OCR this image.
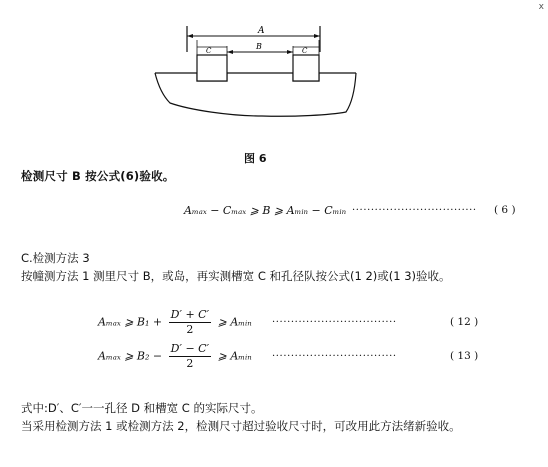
x
A
B
C	C
图 6
检测尺寸 B 按公式(6)验收。
Aₘₐₓ − Cₘₐₓ ⩾ B ⩾ Aₘᵢₙ − Cₘᵢₙ ································· ( 6 )
C.检测方法 3
按幢测方法 1 测里尺寸 B，或岛，再实测槽宽 C 和孔径队按公式(1 2)或(1 3)验收。
Aₘₐₓ ⩾ $B_1 + \frac{D' + C'}{2}$ ⩾ Aₘᵢₙ ·································	( 12 )
Aₘₐₓ ⩾ $B_2 - \frac{D' - C'}{2}$ ⩾ Aₘᵢₙ ·································	( 13 )
式中:D′、C′一一孔径 D 和槽宽 C 的实际尺寸。
当采用检测方法 1 或检测方法 2，检测尺寸超过验收尺寸时，可改用此方法绪新验收。
